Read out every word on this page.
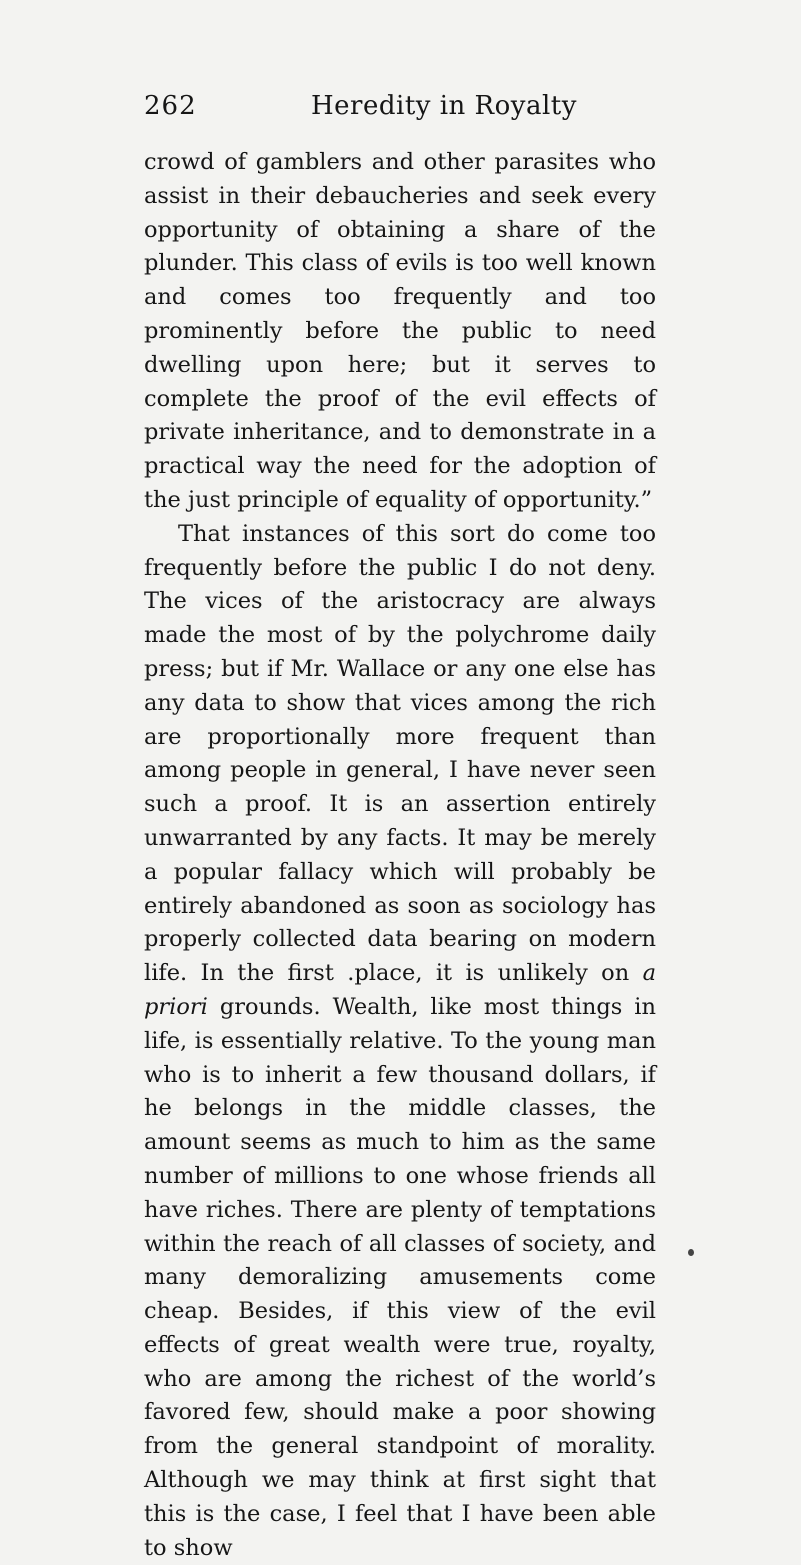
262	Heredity in Royalty

crowd of gamblers and other parasites who assist in their debaucheries and seek every opportunity of obtaining a share of the plunder. This class of evils is too well known and comes too frequently and too prominently before the public to need dwelling upon here; but it serves to complete the proof of the evil effects of private inheritance, and to demonstrate in a practical way the need for the adoption of the just principle of equality of opportunity.”

That instances of this sort do come too frequently before the public I do not deny. The vices of the aristocracy are always made the most of by the polychrome daily press; but if Mr. Wallace or any one else has any data to show that vices among the rich are proportionally more frequent than among people in general, I have never seen such a proof. It is an assertion entirely unwarranted by any facts. It may be merely a popular fallacy which will probably be entirely abandoned as soon as sociology has properly collected data bearing on modern life. In the first .place, it is unlikely on a priori grounds. Wealth, like most things in life, is essentially relative. To the young man who is to inherit a few thousand dollars, if he belongs in the middle classes, the amount seems as much to him as the same number of millions to one whose friends all have riches. There are plenty of temptations within the reach of all classes of society, and many demoralizing amusements come cheap. Besides, if this view of the evil effects of great wealth were true, royalty, who are among the richest of the world’s favored few, should make a poor showing from the general standpoint of morality. Although we may think at first sight that this is the case, I feel that I have been able to show
